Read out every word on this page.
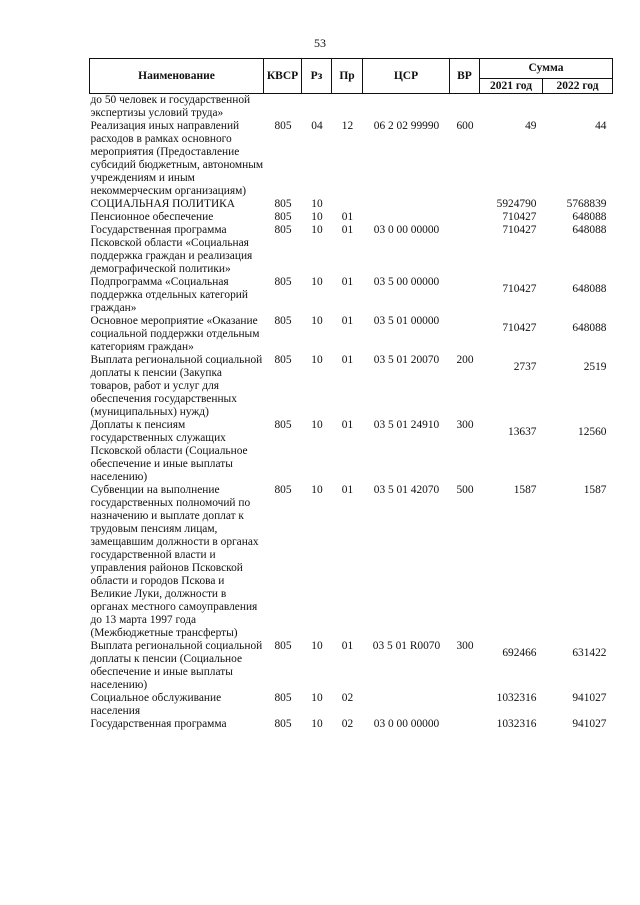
53
Наименование	КВСР	Рз	Пр	ЦСР	ВР	Сумма	
						2021 год	2022 год
до 50 человек и государственной экспертизы условий труда»							
Реализация иных направлений расходов в рамках основного мероприятия (Предоставление субсидий бюджетным, автономным учреждениям и иным некоммерческим организациям)	805	04	12	06 2 02 99990	600	49	44
СОЦИАЛЬНАЯ ПОЛИТИКА	805	10				5924790	5768839
Пенсионное обеспечение	805	10	01			710427	648088
Государственная программа Псковской области «Социальная поддержка граждан и реализация демографической политики»	805	10	01	03 0 00 00000		710427	648088
Подпрограмма «Социальная поддержка отдельных категорий граждан»	805	10	01	03 5 00 00000		710427	648088
Основное мероприятие «Оказание социальной поддержки отдельным категориям граждан»	805	10	01	03 5 01 00000		710427	648088
Выплата региональной социальной доплаты к пенсии (Закупка товаров, работ и услуг для обеспечения государственных (муниципальных) нужд)	805	10	01	03 5 01 20070	200	2737	2519
Доплаты к пенсиям государственных служащих Псковской области (Социальное обеспечение и иные выплаты населению)	805	10	01	03 5 01 24910	300	13637	12560
Субвенции на выполнение государственных полномочий по назначению и выплате доплат к трудовым пенсиям лицам, замещавшим должности в органах государственной власти и управления районов Псковской области и городов Пскова и Великие Луки, должности в органах местного самоуправления до 13 марта 1997 года (Межбюджетные трансферты)	805	10	01	03 5 01 42070	500	1587	1587
Выплата региональной социальной доплаты к пенсии (Социальное обеспечение и иные выплаты населению)	805	10	01	03 5 01 R0070	300	692466	631422
Социальное обслуживание населения	805	10	02			1032316	941027
Государственная программа	805	10	02	03 0 00 00000		1032316	941027
